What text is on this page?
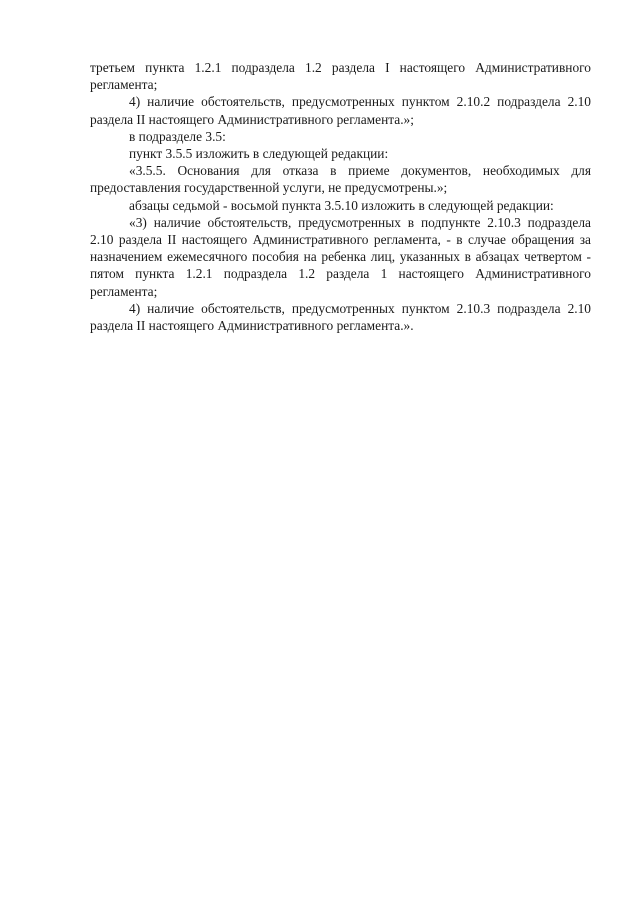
третьем пункта 1.2.1 подраздела 1.2 раздела I настоящего Административного регламента;

4) наличие обстоятельств, предусмотренных пунктом 2.10.2 подраздела 2.10 раздела II настоящего Административного регламента.»;

в подразделе 3.5:

пункт 3.5.5 изложить в следующей редакции:

«3.5.5. Основания для отказа в приеме документов, необходимых для предоставления государственной услуги, не предусмотрены.»;

абзацы седьмой - восьмой пункта 3.5.10 изложить в следующей редакции:

«3) наличие обстоятельств, предусмотренных в подпункте 2.10.3 подраздела 2.10 раздела II настоящего Административного регламента, - в случае обращения за назначением ежемесячного пособия на ребенка лиц, указанных в абзацах четвертом - пятом пункта 1.2.1 подраздела 1.2 раздела 1 настоящего Административного регламента;

4) наличие обстоятельств, предусмотренных пунктом 2.10.3 подраздела 2.10 раздела II настоящего Административного регламента.».
